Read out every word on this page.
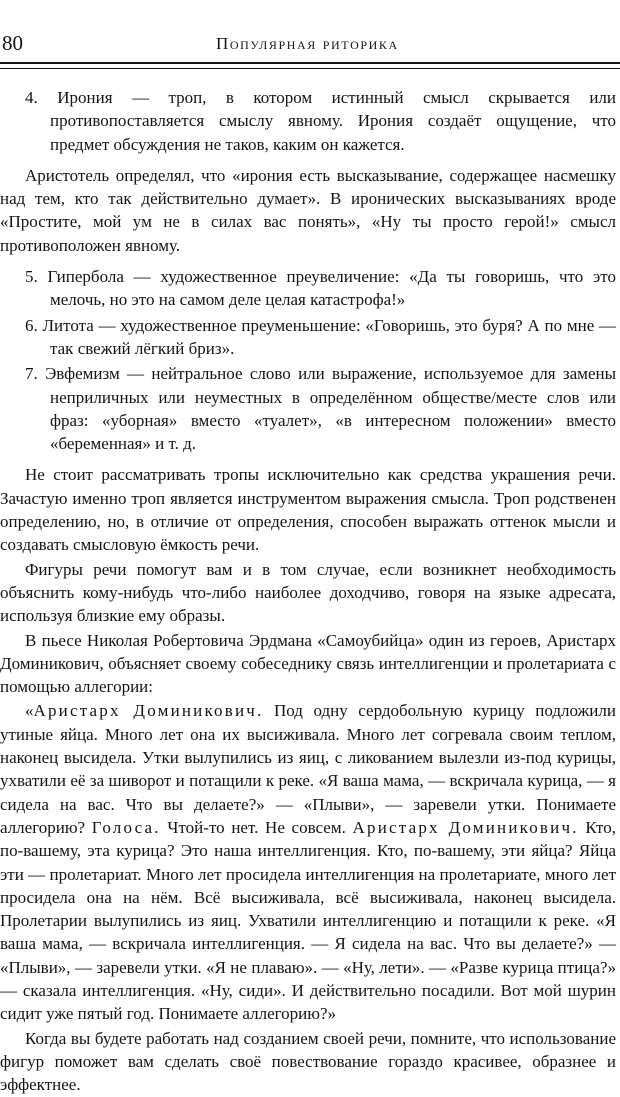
80	Популярная риторика

4. Ирония — троп, в котором истинный смысл скрывается или противопоставляется смыслу явному. Ирония создаёт ощущение, что предмет обсуждения не таков, каким он кажется.

Аристотель определял, что «ирония есть высказывание, содержащее насмешку над тем, кто так действительно думает». В иронических высказываниях вроде «Простите, мой ум не в силах вас понять», «Ну ты просто герой!» смысл противоположен явному.

5. Гипербола — художественное преувеличение: «Да ты говоришь, что это мелочь, но это на самом деле целая катастрофа!»

6. Литота — художественное преуменьшение: «Говоришь, это буря? А по мне — так свежий лёгкий бриз».

7. Эвфемизм — нейтральное слово или выражение, используемое для замены неприличных или неуместных в определённом обществе/месте слов или фраз: «уборная» вместо «туалет», «в интересном положении» вместо «беременная» и т. д.

Не стоит рассматривать тропы исключительно как средства украшения речи. Зачастую именно троп является инструментом выражения смысла. Троп родственен определению, но, в отличие от определения, способен выражать оттенок мысли и создавать смысловую ёмкость речи.

Фигуры речи помогут вам и в том случае, если возникнет необходимость объяснить кому-нибудь что-либо наиболее доходчиво, говоря на языке адресата, используя близкие ему образы.

В пьесе Николая Робертовича Эрдмана «Самоубийца» один из героев, Аристарх Доминикович, объясняет своему собеседнику связь интеллигенции и пролетариата с помощью аллегории:

«Аристарх Доминикович. Под одну сердобольную курицу подложили утиные яйца. Много лет она их высиживала. Много лет согревала своим теплом, наконец высидела. Утки вылупились из яиц, с ликованием вылезли из-под курицы, ухватили её за шиворот и потащили к реке. «Я ваша мама, — вскричала курица, — я сидела на вас. Что вы делаете?» — «Плыви», — заревели утки. Понимаете аллегорию? Голоса. Чтой-то нет. Не совсем. Аристарх Доминикович. Кто, по-вашему, эта курица? Это наша интеллигенция. Кто, по-вашему, эти яйца? Яйца эти — пролетариат. Много лет просидела интеллигенция на пролетариате, много лет просидела она на нём. Всё высиживала, всё высиживала, наконец высидела. Пролетарии вылупились из яиц. Ухватили интеллигенцию и потащили к реке. «Я ваша мама, — вскричала интеллигенция. — Я сидела на вас. Что вы делаете?» — «Плыви», — заревели утки. «Я не плаваю». — «Ну, лети». — «Разве курица птица?» — сказала интеллигенция. «Ну, сиди». И действительно посадили. Вот мой шурин сидит уже пятый год. Понимаете аллегорию?»

Когда вы будете работать над созданием своей речи, помните, что использование фигур поможет вам сделать своё повествование гораздо красивее, образнее и эффектнее.
